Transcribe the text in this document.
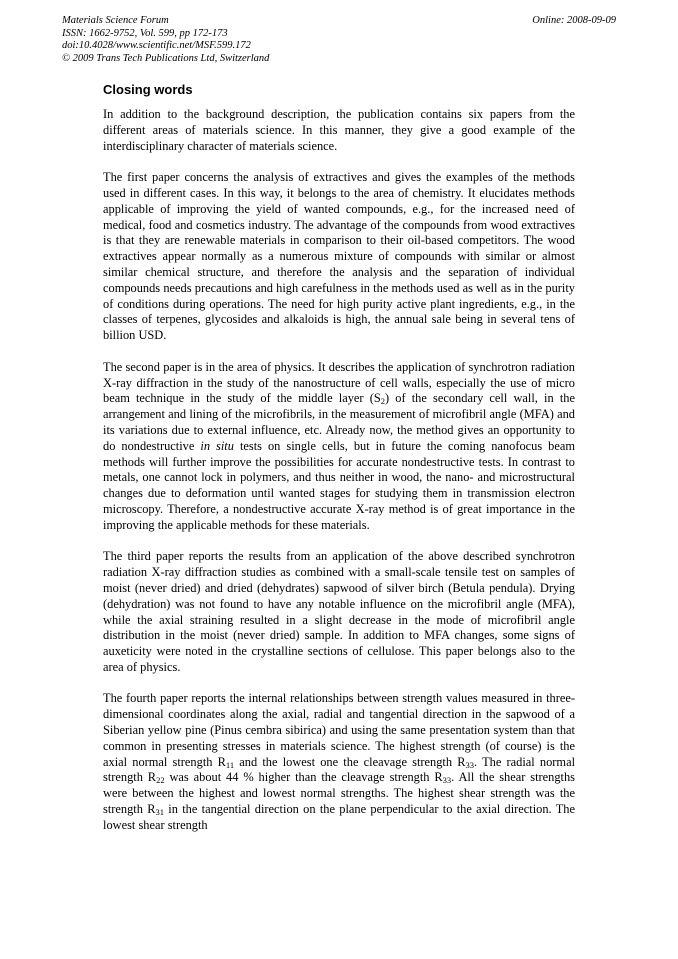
Materials Science Forum
ISSN: 1662-9752, Vol. 599, pp 172-173
doi:10.4028/www.scientific.net/MSF.599.172
© 2009 Trans Tech Publications Ltd, Switzerland
Online: 2008-09-09
Closing words

In addition to the background description, the publication contains six papers from the different areas of materials science. In this manner, they give a good example of the interdisciplinary character of materials science.

The first paper concerns the analysis of extractives and gives the examples of the methods used in different cases. In this way, it belongs to the area of chemistry. It elucidates methods applicable of improving the yield of wanted compounds, e.g., for the increased need of medical, food and cosmetics industry. The advantage of the compounds from wood extractives is that they are renewable materials in comparison to their oil-based competitors. The wood extractives appear normally as a numerous mixture of compounds with similar or almost similar chemical structure, and therefore the analysis and the separation of individual compounds needs precautions and high carefulness in the methods used as well as in the purity of conditions during operations. The need for high purity active plant ingredients, e.g., in the classes of terpenes, glycosides and alkaloids is high, the annual sale being in several tens of billion USD.

The second paper is in the area of physics. It describes the application of synchrotron radiation X-ray diffraction in the study of the nanostructure of cell walls, especially the use of micro beam technique in the study of the middle layer $(S_2)$ of the secondary cell wall, in the arrangement and lining of the microfibrils, in the measurement of microfibril angle (MFA) and its variations due to external influence, etc. Already now, the method gives an opportunity to do nondestructive in situ tests on single cells, but in future the coming nanofocus beam methods will further improve the possibilities for accurate nondestructive tests. In contrast to metals, one cannot lock in polymers, and thus neither in wood, the nano- and microstructural changes due to deformation until wanted stages for studying them in transmission electron microscopy. Therefore, a nondestructive accurate X-ray method is of great importance in the improving the applicable methods for these materials.

The third paper reports the results from an application of the above described synchrotron radiation X-ray diffraction studies as combined with a small-scale tensile test on samples of moist (never dried) and dried (dehydrates) sapwood of silver birch (Betula pendula). Drying (dehydration) was not found to have any notable influence on the microfibril angle (MFA), while the axial straining resulted in a slight decrease in the mode of microfibril angle distribution in the moist (never dried) sample. In addition to MFA changes, some signs of auxeticity were noted in the crystalline sections of cellulose. This paper belongs also to the area of physics.

The fourth paper reports the internal relationships between strength values measured in three-dimensional coordinates along the axial, radial and tangential direction in the sapwood of a Siberian yellow pine (Pinus cembra sibirica) and using the same presentation system than that common in presenting stresses in materials science. The highest strength (of course) is the axial normal strength $R_{11}$ and the lowest one the cleavage strength $R_{33}$. The radial normal strength $R_{22}$ was about 44 % higher than the cleavage strength $R_{33}$. All the shear strengths were between the highest and lowest normal strengths. The highest shear strength was the strength $R_{31}$ in the tangential direction on the plane perpendicular to the axial direction. The lowest shear strength
